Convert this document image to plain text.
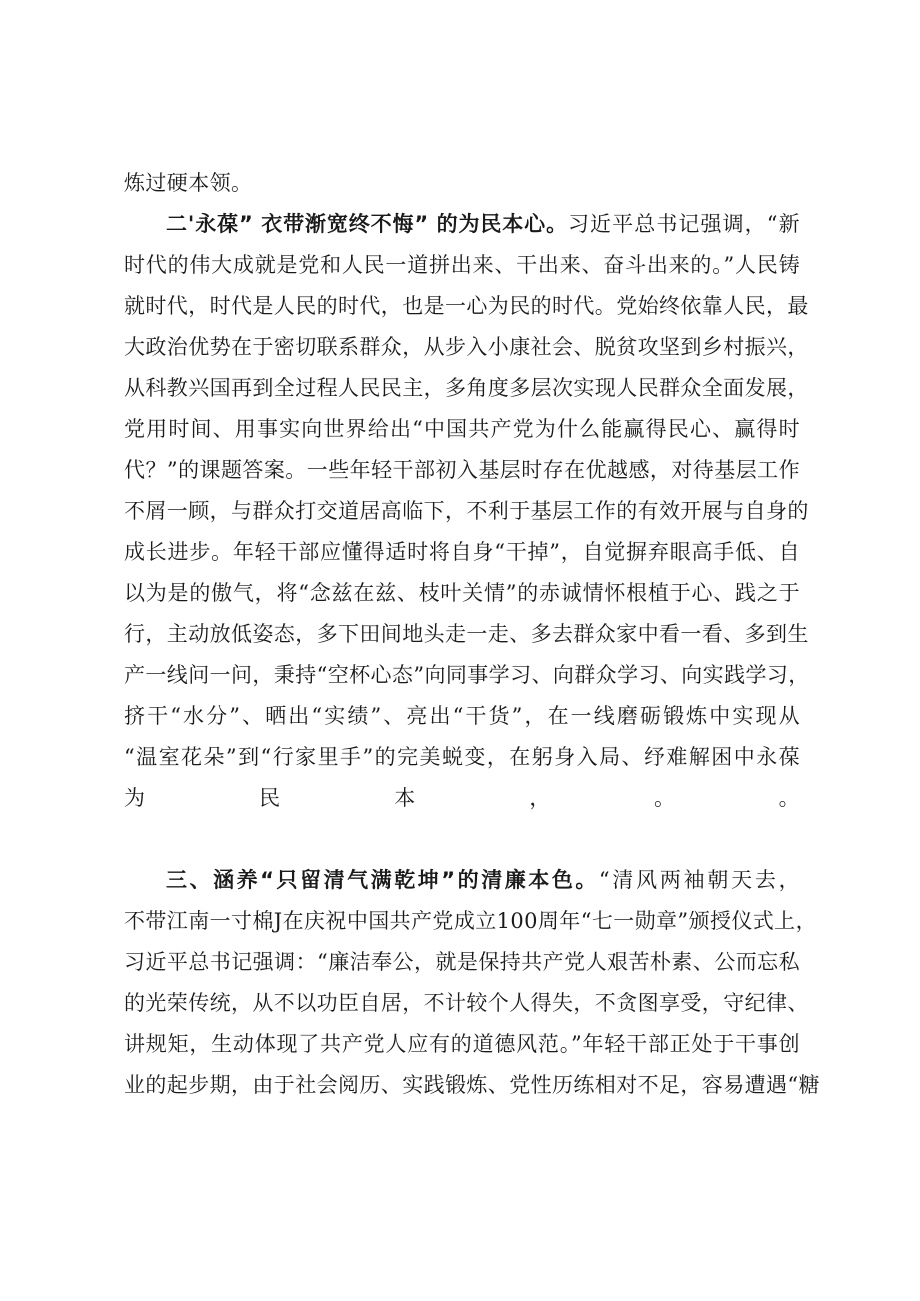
炼过硬本领。
二'永葆” 衣带渐宽终不悔” 的为民本心。习近平总书记强调，“新
时代的伟大成就是党和人民一道拼出来、干出来、奋斗出来的。”人民铸
就时代，时代是人民的时代，也是一心为民的时代。党始终依靠人民，最
大政治优势在于密切联系群众，从步入小康社会、脱贫攻坚到乡村振兴，
从科教兴国再到全过程人民民主，多角度多层次实现人民群众全面发展，
党用时间、用事实向世界给出“中国共产党为什么能赢得民心、赢得时
代？”的课题答案。一些年轻干部初入基层时存在优越感，对待基层工作
不屑一顾，与群众打交道居高临下，不利于基层工作的有效开展与自身的
成长进步。年轻干部应懂得适时将自身“干掉”，自觉摒弃眼高手低、自
以为是的傲气，将“念兹在兹、枝叶关情”的赤诚情怀根植于心、践之于
行，主动放低姿态，多下田间地头走一走、多去群众家中看一看、多到生
产一线问一问，秉持“空杯心态”向同事学习、向群众学习、向实践学习，
挤干“水分”、晒出“实绩”、亮出“干货”，在一线磨砺锻炼中实现从
“温室花朵”到“行家里手”的完美蜕变，在躬身入局、纾难解困中永葆
为民本，。。
三、涵养“只留清气满乾坤”的清廉本色。“清风两袖朝天去，
不带江南一寸棉J在庆祝中国共产党成立100周年“七一勋章”颁授仪式上，
习近平总书记强调：“廉洁奉公，就是保持共产党人艰苦朴素、公而忘私
的光荣传统，从不以功臣自居，不计较个人得失，不贪图享受，守纪律、
讲规矩，生动体现了共产党人应有的道德风范。”年轻干部正处于干事创
业的起步期，由于社会阅历、实践锻炼、党性历练相对不足，容易遭遇“糖
